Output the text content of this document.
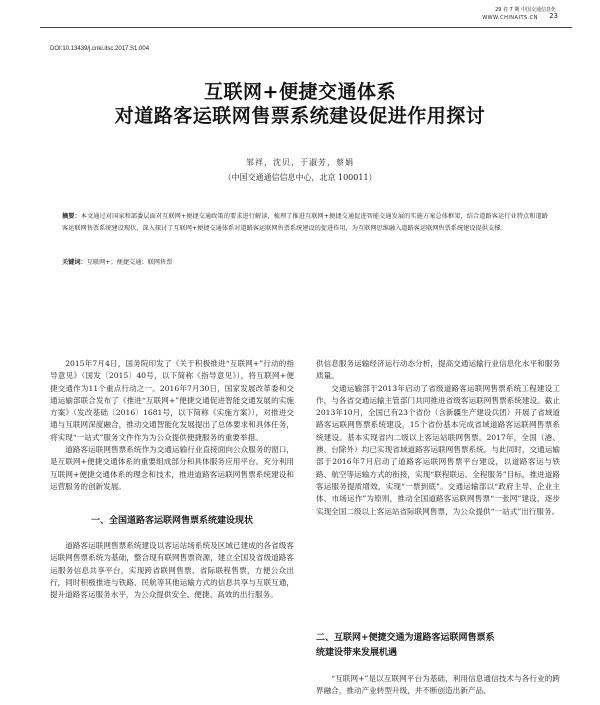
29 卷 7 期 中国交通信息化
23
WWW.CHINAITS.CN
DOI:10.13439/j.cnki.itsc.2017.S1.004
互联网+便捷交通体系
对道路客运联网售票系统建设促进作用探讨
邹祥，沈贝，于淑芳，蔡娟
（中国交通通信信息中心，北京 100011）
摘要：本文通过对国家和部委层面对互联网+便捷交通政策的要求进行解读，梳理了推进互联网+便捷交通促进智能交通发展的实施方案总体框架，结合道路客运行业特点和道路客运联网售票系统建设现状，深入探讨了互联网+便捷交通体系对道路客运联网售票系统建设的促进作用，为互联网思维融入道路客运联网售票系统建设提供支撑。
关键词：互联网+；便捷交通；联网售票

2015年7月4日，国务院印发了《关于积极推进“互联网+”行动的指导意见》（国发〔2015〕40号，以下简称《指导意见》），将互联网+便捷交通作为11个重点行动之一。2016年7月30日，国家发展改革委和交通运输部联合发布了《推进“互联网+”便捷交通促进智能交通发展的实施方案》（发改基础〔2016〕1681号，以下简称《实施方案》），对推进交通与互联网深度融合，推动交通智能化发展提出了总体要求和具体任务，将实现“一站式”服务文件作为为公众提供便捷服务的重要举措。

道路客运联网售票系统作为交通运输行业直接面向公众服务的窗口，是互联网+便捷交通体系的重要组成部分和具体服务应用平台。充分利用互联网+便捷交通体系的理念和技术，推进道路客运联网售票系统建设和运营服务的创新发展。

一、全国道路客运联网售票系统建设现状

道路客运联网售票系统建设以客运站场系统及区域已建成的各省级客运联网售票系统为基础，整合现有联网售票资源，建立全国及省级道路客运服务信息共享平台，实现跨省联网售票、省际联程售票，方便公众出行，同时积极推进与铁路、民航等其他运输方式的信息共享与互联互通，提升道路客运服务水平，为公众提供安全、便捷、高效的出行服务。

供信息服务运输经济运行动态分析，提高交通运输行业信息化水平和服务质量。

交通运输部于2013年启动了省级道路客运联网售票系统工程建设工作，与各省交通运输主管部门共同推进省级客运联网售票系统建设。截止2013年10月，全国已有23个省份（含新疆生产建设兵团）开展了省域道路客运联网售票系统建设，15个省份基本完成省域道路客运联网售票系统建设。基本实现省内二级以上客运站联网售票。2017年，全国（港、澳、台除外）均已实现省域道路客运联网售票系统。与此同时，交通运输部于2016年7月启动了道路客运联网售票平台建设，以道路客运与铁路、航空等运输方式的衔接，实现“联程联运、全程服务”目标，推进道路客运服务提质增效，实现“一票到底”。交通运输部以“政府主导、企业主体、市场运作”为原则，推动全国道路客运联网售票“一张网”建设，逐步实现全国二级以上客运站省际联网售票，为公众提供“一站式”出行服务。

二、互联网+便捷交通为道路客运联网售票系
统建设带来发展机遇

“互联网+”是以互联网平台为基础，利用信息通信技术与各行业的跨界融合，推动产业转型升级，并不断创造出新产品、
